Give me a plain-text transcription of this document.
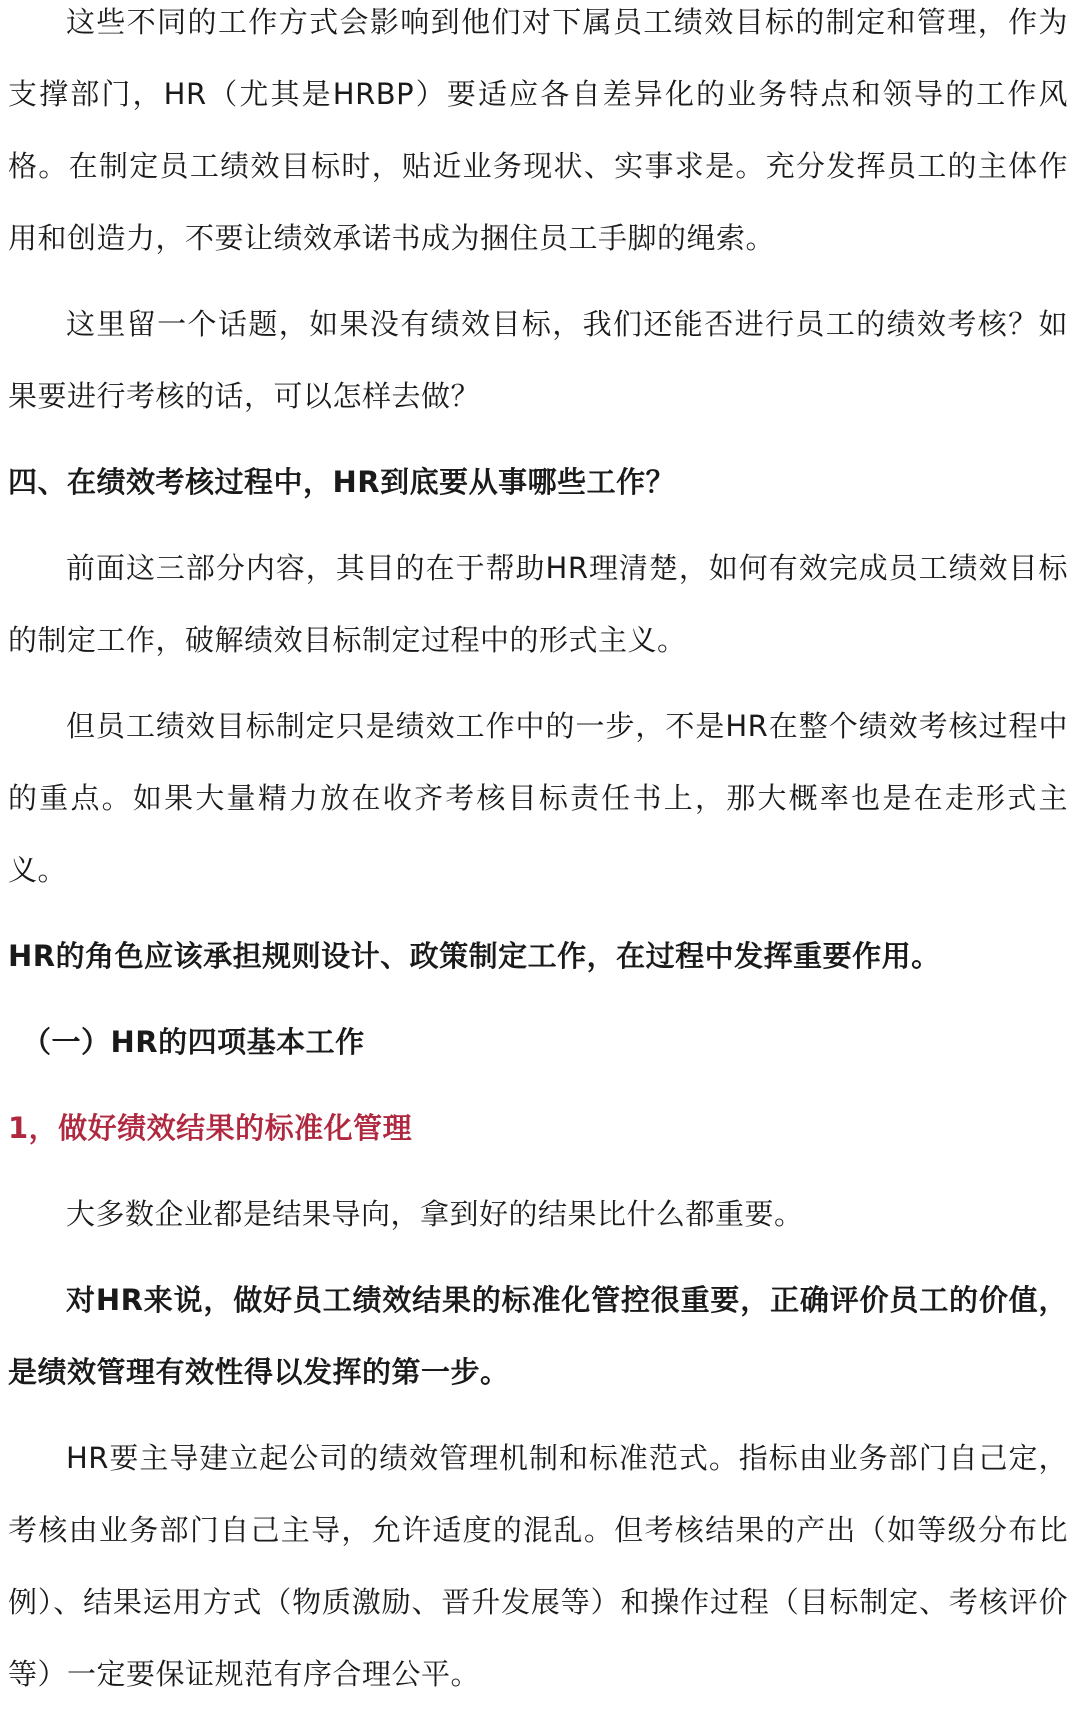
这些不同的工作方式会影响到他们对下属员工绩效目标的制定和管理，作为支撑部门，HR（尤其是HRBP）要适应各自差异化的业务特点和领导的工作风格。在制定员工绩效目标时，贴近业务现状、实事求是。充分发挥员工的主体作用和创造力，不要让绩效承诺书成为捆住员工手脚的绳索。

这里留一个话题，如果没有绩效目标，我们还能否进行员工的绩效考核？如果要进行考核的话，可以怎样去做？

四、在绩效考核过程中，HR到底要从事哪些工作？

前面这三部分内容，其目的在于帮助HR理清楚，如何有效完成员工绩效目标的制定工作，破解绩效目标制定过程中的形式主义。

但员工绩效目标制定只是绩效工作中的一步，不是HR在整个绩效考核过程中的重点。如果大量精力放在收齐考核目标责任书上，那大概率也是在走形式主义。

HR的角色应该承担规则设计、政策制定工作，在过程中发挥重要作用。

（一）HR的四项基本工作

1，做好绩效结果的标准化管理

大多数企业都是结果导向，拿到好的结果比什么都重要。

对HR来说，做好员工绩效结果的标准化管控很重要，正确评价员工的价值，是绩效管理有效性得以发挥的第一步。

HR要主导建立起公司的绩效管理机制和标准范式。指标由业务部门自己定，考核由业务部门自己主导，允许适度的混乱。但考核结果的产出（如等级分布比例）、结果运用方式（物质激励、晋升发展等）和操作过程（目标制定、考核评价等）一定要保证规范有序合理公平。
